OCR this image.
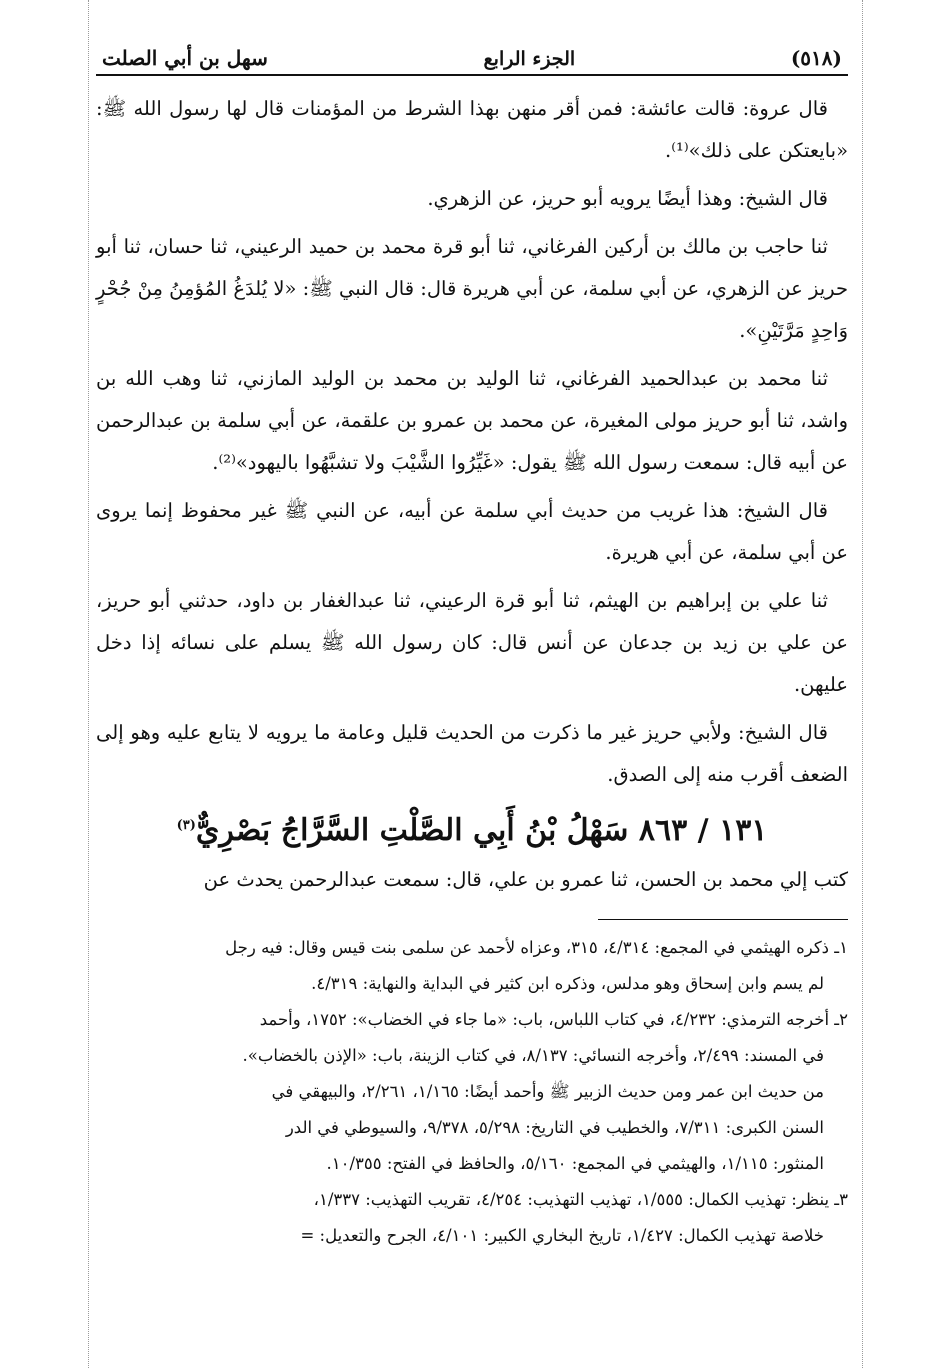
(٥١٨)
الجزء الرابع
سهل بن أبي الصلت

قال عروة: قالت عائشة: فمن أقر منهن بهذا الشرط من المؤمنات قال لها رسول الله ﷺ: «بايعتكن على ذلك»⁽¹⁾.

قال الشيخ: وهذا أيضًا يرويه أبو حريز، عن الزهري.

ثنا حاجب بن مالك بن أركين الفرغاني، ثنا أبو قرة محمد بن حميد الرعيني، ثنا حسان، ثنا أبو حريز عن الزهري، عن أبي سلمة، عن أبي هريرة قال: قال النبي ﷺ: «لا يُلدَغُ المُؤمِنُ مِنْ جُحْرٍ وَاحِدٍ مَرَّتَيْنِ».

ثنا محمد بن عبدالحميد الفرغاني، ثنا الوليد بن محمد بن الوليد المازني، ثنا وهب الله بن واشد، ثنا أبو حريز مولى المغيرة، عن محمد بن عمرو بن علقمة، عن أبي سلمة بن عبدالرحمن عن أبيه قال: سمعت رسول الله ﷺ يقول: «غَيِّرُوا الشَّيْبَ ولا تشبَّهُوا باليهود»⁽²⁾.

قال الشيخ: هذا غريب من حديث أبي سلمة عن أبيه، عن النبي ﷺ غير محفوظ إنما يروى عن أبي سلمة، عن أبي هريرة.

ثنا علي بن إبراهيم بن الهيثم، ثنا أبو قرة الرعيني، ثنا عبدالغفار بن داود، حدثني أبو حريز، عن علي بن زيد بن جدعان عن أنس قال: كان رسول الله ﷺ يسلم على نسائه إذا دخل عليهن.

قال الشيخ: ولأبي حريز غير ما ذكرت من الحديث قليل وعامة ما يرويه لا يتابع عليه وهو إلى الضعف أقرب منه إلى الصدق.

١٣١ / ٨٦٣ سَهْلُ بْنُ أَبِي الصَّلْتِ السَّرَّاجُ بَصْرِيٌّ$^{(٣)}$

كتب إلي محمد بن الحسن، ثنا عمرو بن علي، قال: سمعت عبدالرحمن يحدث عن

١ـ ذكره الهيثمي في المجمع: ٤/٣١٤، ٣١٥، وعزاه لأحمد عن سلمى بنت قيس وقال: فيه رجل

لم يسم وابن إسحاق وهو مدلس، وذكره ابن كثير في البداية والنهاية: ٤/٣١٩.

٢ـ أخرجه الترمذي: ٤/٢٣٢، في كتاب اللباس، باب: «ما جاء في الخضاب»: ١٧٥٢، وأحمد

في المسند: ٢/٤٩٩، وأخرجه النسائي: ٨/١٣٧، في كتاب الزينة، باب: «الإذن بالخضاب».

من حديث ابن عمر ومن حديث الزبير ﷺ وأحمد أيضًا: ١/١٦٥، ٢/٢٦١، والبيهقي في

السنن الكبرى: ٧/٣١١، والخطيب في التاريخ: ٥/٢٩٨، ٩/٣٧٨، والسيوطي في الدر

المنثور: ١/١١٥، والهيثمي في المجمع: ٥/١٦٠، والحافظ في الفتح: ١٠/٣٥٥.

٣ـ ينظر: تهذيب الكمال: ١/٥٥٥، تهذيب التهذيب: ٤/٢٥٤، تقريب التهذيب: ١/٣٣٧،

خلاصة تهذيب الكمال: ١/٤٢٧، تاريخ البخاري الكبير: ٤/١٠١، الجرح والتعديل: =
